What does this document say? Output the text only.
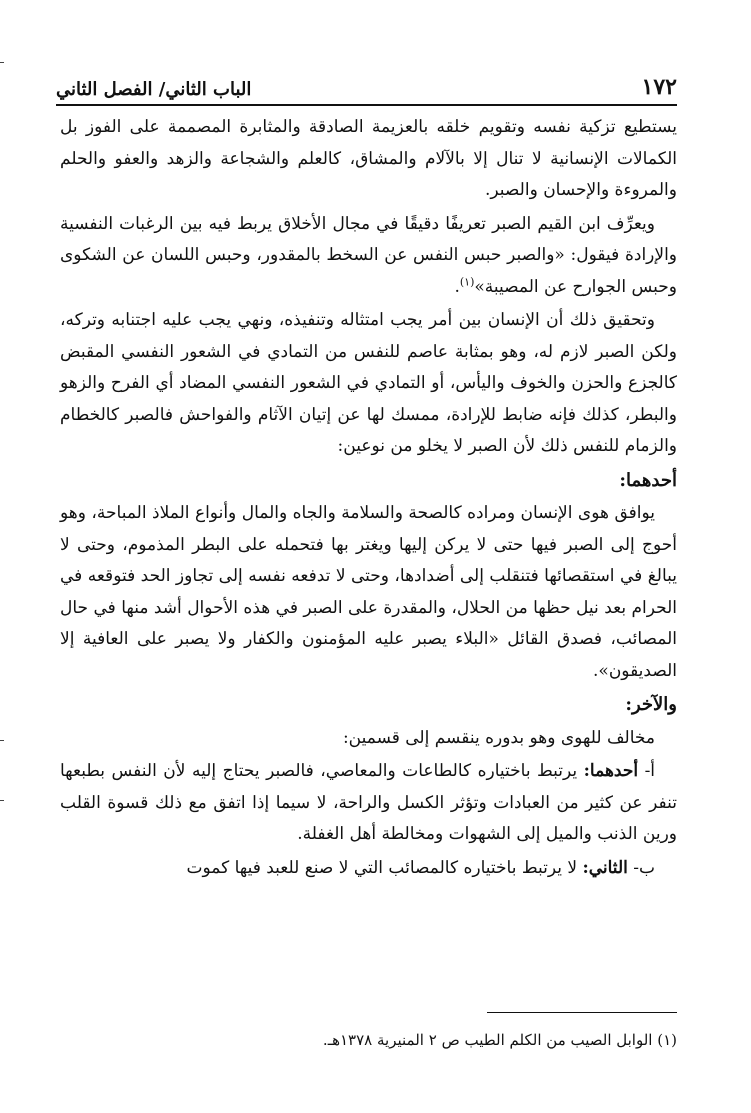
١٧٢
الباب الثاني/ الفصل الثاني

يستطيع تزكية نفسه وتقويم خلقه بالعزيمة الصادقة والمثابرة المصممة على الفوز بل الكمالات الإنسانية لا تنال إلا بالآلام والمشاق، كالعلم والشجاعة والزهد والعفو والحلم والمروءة والإحسان والصبر.

ويعرِّف ابن القيم الصبر تعريفًا دقيقًا في مجال الأخلاق يربط فيه بين الرغبات النفسية والإرادة فيقول: «والصبر حبس النفس عن السخط بالمقدور، وحبس اللسان عن الشكوى وحبس الجوارح عن المصيبة»$^{(١)}$.

وتحقيق ذلك أن الإنسان بين أمر يجب امتثاله وتنفيذه، ونهي يجب عليه اجتنابه وتركه، ولكن الصبر لازم له، وهو بمثابة عاصم للنفس من التمادي في الشعور النفسي المقبض كالجزع والحزن والخوف واليأس، أو التمادي في الشعور النفسي المضاد أي الفرح والزهو والبطر، كذلك فإنه ضابط للإرادة، ممسك لها عن إتيان الآثام والفواحش فالصبر كالخطام والزمام للنفس ذلك لأن الصبر لا يخلو من نوعين:

أحدهما:

يوافق هوى الإنسان ومراده كالصحة والسلامة والجاه والمال وأنواع الملاذ المباحة، وهو أحوج إلى الصبر فيها حتى لا يركن إليها ويغتر بها فتحمله على البطر المذموم، وحتى لا يبالغ في استقصائها فتنقلب إلى أضدادها، وحتى لا تدفعه نفسه إلى تجاوز الحد فتوقعه في الحرام بعد نيل حظها من الحلال، والمقدرة على الصبر في هذه الأحوال أشد منها في حال المصائب، فصدق القائل «البلاء يصبر عليه المؤمنون والكفار ولا يصبر على العافية إلا الصديقون».

والآخر:

مخالف للهوى وهو بدوره ينقسم إلى قسمين:

أ- أحدهما: يرتبط باختياره كالطاعات والمعاصي، فالصبر يحتاج إليه لأن النفس بطبعها تنفر عن كثير من العبادات وتؤثر الكسل والراحة، لا سيما إذا اتفق مع ذلك قسوة القلب ورين الذنب والميل إلى الشهوات ومخالطة أهل الغفلة.

ب- الثاني: لا يرتبط باختياره كالمصائب التي لا صنع للعبد فيها كموت

(١) الوابل الصيب من الكلم الطيب ص ٢ المنيرية ١٣٧٨هـ.
